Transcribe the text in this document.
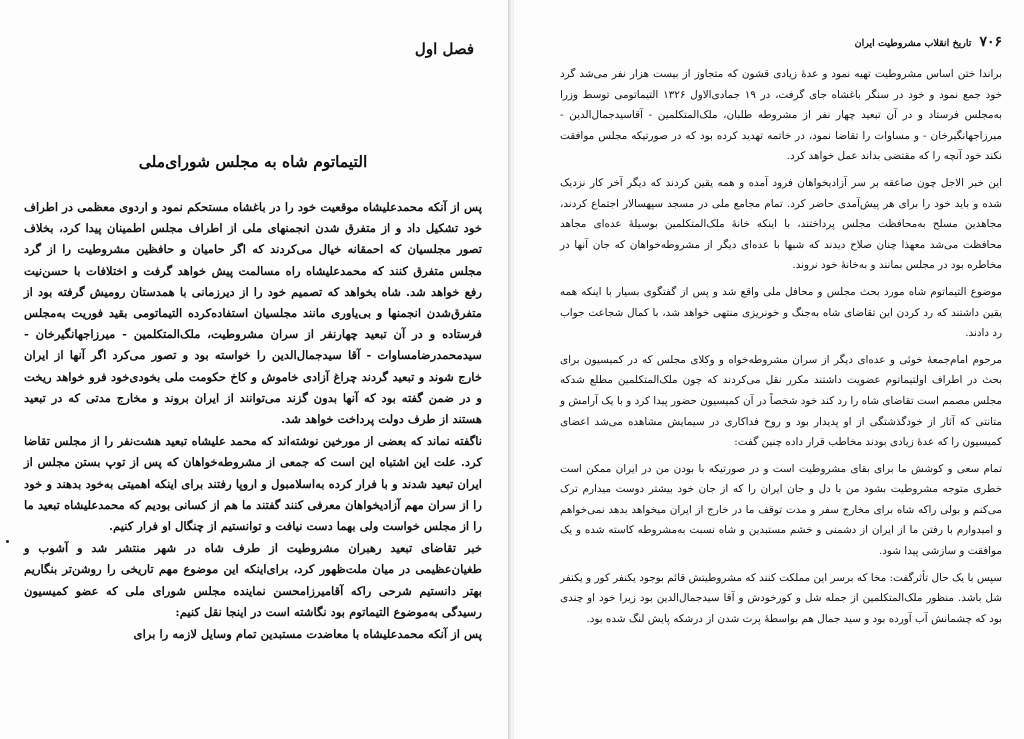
فصل اول
التیماتوم شاه به مجلس شورای‌ملی

پس از آنکه محمدعلیشاه موقعیت خود را در باغشاه مستحکم نمود و اردوی معظمی در اطراف خود تشکیل داد و از متفرق شدن انجمنهای ملی از اطراف مجلس اطمینان پیدا کرد، بخلاف تصور مجلسیان که احمقانه خیال می‌کردند که اگر حامیان و حافظین مشروطیت را از گرد مجلس متفرق کنند که محمدعلیشاه راه مسالمت پیش خواهد گرفت و اختلافات با حسن‌نیت رفع خواهد شد. شاه بخواهد که تصمیم خود را از دیرزمانی با همدستان رومیش گرفته بود از متفرق‌شدن انجمنها و بی‌یاوری مانند مجلسیان استفاده‌کرده التیماتومی بقید فوریت به‌مجلس فرستاده و در آن تبعید چهارنفر از سران مشروطیت، ملک‌المتکلمین - میرزاجهانگیرخان - سیدمحمدرضامساوات - آقا سیدجمال‌الدین را خواسته بود و تصور می‌کرد اگر آنها از ایران خارج شوند و تبعید گردند چراغ آزادی خاموش و کاخ حکومت ملی بخودی‌خود فرو خواهد ریخت و در ضمن گفته بود که آنها بدون گزند می‌توانند از ایران بروند و مخارج مدتی که در تبعید هستند از طرف دولت پرداخت خواهد شد.

ناگفته نماند که بعضی از مورخین نوشته‌اند که محمد علیشاه تبعید هشت‌نفر را از مجلس تقاضا کرد. علت این اشتباه این است که جمعی از مشروطه‌خواهان که پس از توپ بستن مجلس از ایران تبعید شدند و با فرار کرده به‌اسلامبول و اروپا رفتند برای اینکه اهمیتی به‌خود بدهند و خود را از سران مهم آزادیخواهان معرفی کنند گفتند ما هم از کسانی بودیم که محمدعلیشاه تبعید ما را از مجلس خواست ولی بهما دست نیافت و توانستیم از چنگال او فرار کنیم.

خبر تقاضای تبعید رهبران مشروطیت از طرف شاه در شهر منتشر شد و آشوب و طغیان‌عظیمی در میان ملت‌ظهور کرد، برای‌اینکه این موضوع مهم تاریخی را روشن‌تر بنگاریم بهتر دانستیم شرحی راکه آقامیرزامحسن نماینده مجلس شورای ملی که عضو کمیسیون رسیدگی به‌موضوع التیماتوم بود نگاشته است در اینجا نقل کنیم:

پس از آنکه محمدعلیشاه با معاضدت مستبدین تمام وسایل لازمه را برای

۷۰۶
تاریخ انقلاب مشروطیت ایران

براندا ختن اساس مشروطیت تهیه نمود و عدهٔ زیادی قشون که متجاوز از بیست هزار نفر می‌شد گرد خود جمع نمود و خود در سنگر باغشاه جای گرفت، در ۱۹ جمادی‌الاول ۱۳۲۶ التیماتومی توسط وزرا به‌مجلس فرستاد و در آن تبعید چهار نفر از مشروطه طلبان، ملک‌المتکلمین - آقاسیدجمال‌الدین - میرزاجهانگیرخان - و مساوات را تقاضا نمود، در خاتمه تهدید کرده بود که در صورتیکه مجلس موافقت نکند خود آنچه را که مقتضی بداند عمل خواهد کرد.

این خبر الاجل چون صاعقه بر سر آزادیخواهان فرود آمده و همه یقین کردند که دیگر آخر کار نزدیک شده و باید خود را برای هر پیش‌آمدی حاضر کرد. تمام مجامع ملی در مسجد سپهسالار اجتماع کردند، مجاهدین مسلح به‌محافظت مجلس پرداختند، با اینکه خانهٔ ملک‌المتکلمین بوسیلهٔ عده‌ای مجاهد محافظت می‌شد معهذا چنان صلاح دیدند که شبها با عده‌ای دیگر از مشروطه‌خواهان که جان آنها در مخاطره بود در مجلس بمانند و به‌خانهٔ خود نروند.

موضوع التیماتوم شاه مورد بحث مجلس و محافل ملی واقع شد و پس از گفتگوی بسیار با اینکه همه یقین داشتند که رد کردن این تقاضای شاه به‌جنگ و خونریزی منتهی خواهد شد، با کمال شجاعت جواب رد دادند.

مرحوم امام‌جمعهٔ خوئی و عده‌ای دیگر از سران مشروطه‌خواه و وکلای مجلس که در کمیسیون برای بحث در اطراف اولتیماتوم عضویت داشتند مکرر نقل می‌کردند که چون ملک‌المتکلمین مطلع شدکه مجلس مصمم است تقاضای شاه را رد کند خود شخصاً در آن کمیسیون حضور پیدا کرد و با یک آرامش و متانتی که آثار از خودگذشتگی از او پدیدار بود و روح فداکاری در سیمایش مشاهده می‌شد اعضای کمیسیون را که عدهٔ زیادی بودند مخاطب قرار داده چنین گفت:

تمام سعی و کوشش ما برای بقای مشروطیت است و در صورتیکه با بودن من در ایران ممکن است خطری متوجه مشروطیت بشود من با دل و جان ایران را که از جان خود بیشتر دوست میدارم ترک می‌کنم و بولی راکه شاه برای مخارج سفر و مدت توقف ما در خارج از ایران میخواهد بدهد نمی‌خواهم و امیدوارم با رفتن ما از ایران از دشمنی و خشم مستبدین و شاه نسبت به‌مشروطه کاسته شده و یک موافقت و سازشی پیدا شود.

سپس با یک حال تأثرگفت: مخا که برسر این مملکت کنند که مشروطیتش قائم بوجود یکنفر کور و یکنفر شل باشد. منظور ملک‌المتکلمین از جمله شل و کورخودش و آقا سیدجمال‌الدین بود زیرا خود او چندی بود که چشمانش آب آورده بود و سید جمال هم بواسطهٔ پرت شدن از درشکه پایش لنگ شده بود.
